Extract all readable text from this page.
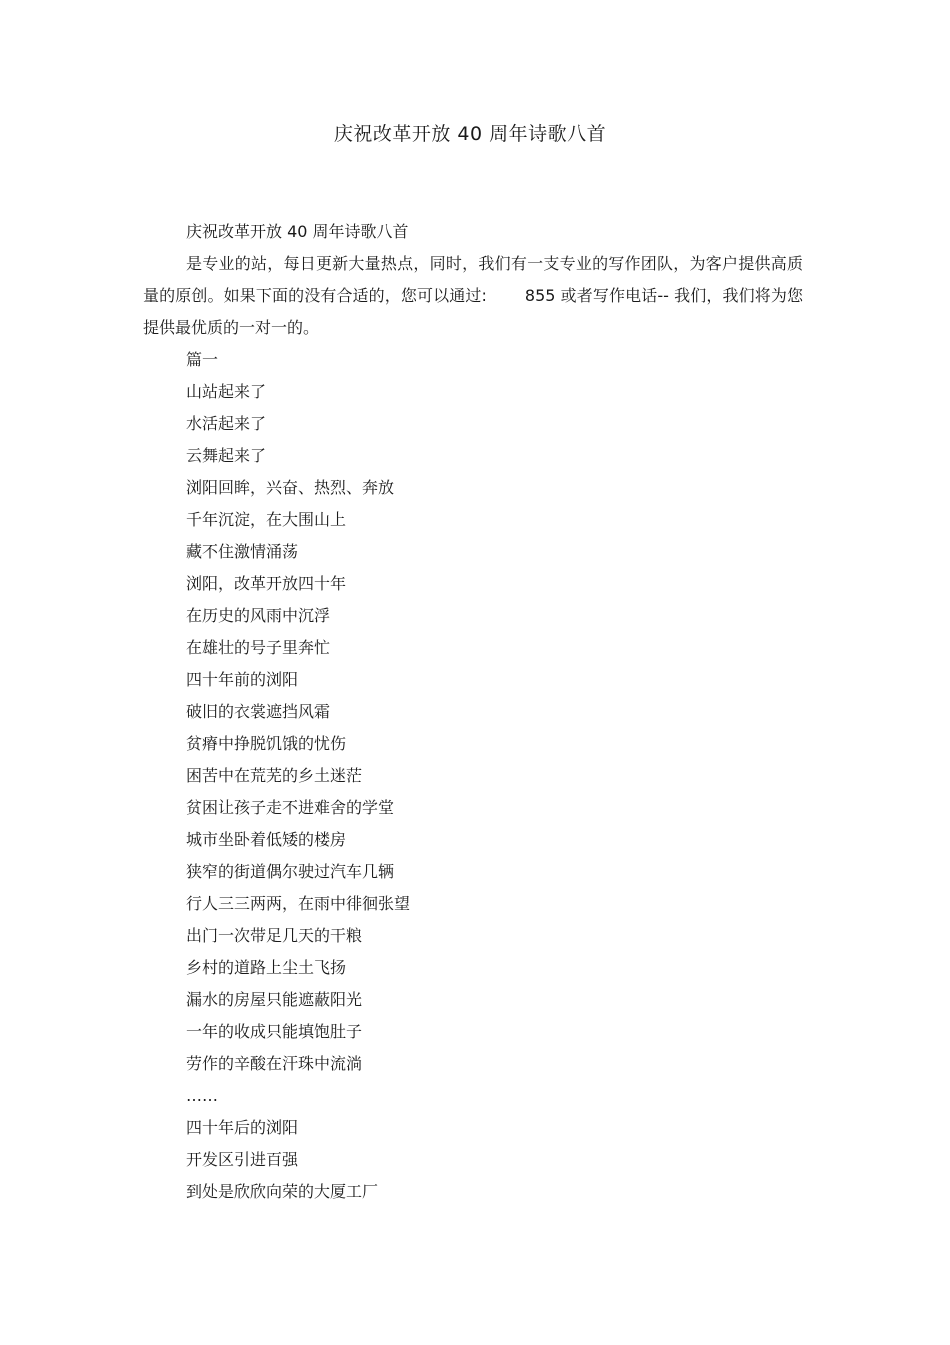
庆祝改革开放 40 周年诗歌八首

庆祝改革开放 40 周年诗歌八首

是专业的站，每日更新大量热点，同时，我们有一支专业的写作团队，为客户提供高质量的原创。如果下面的没有合适的，您可以通过: 855 或者写作电话-- 我们，我们将为您提供最优质的一对一的。

篇一
山站起来了
水活起来了
云舞起来了
浏阳回眸，兴奋、热烈、奔放
千年沉淀，在大围山上
藏不住激情涌荡
浏阳，改革开放四十年
在历史的风雨中沉浮
在雄壮的号子里奔忙
四十年前的浏阳
破旧的衣裳遮挡风霜
贫瘠中挣脱饥饿的忧伤
困苦中在荒芜的乡土迷茫
贫困让孩子走不进难舍的学堂
城市坐卧着低矮的楼房
狭窄的街道偶尔驶过汽车几辆
行人三三两两，在雨中徘徊张望
出门一次带足几天的干粮
乡村的道路上尘土飞扬
漏水的房屋只能遮蔽阳光
一年的收成只能填饱肚子
劳作的辛酸在汗珠中流淌
……
四十年后的浏阳
开发区引进百强
到处是欣欣向荣的大厦工厂
